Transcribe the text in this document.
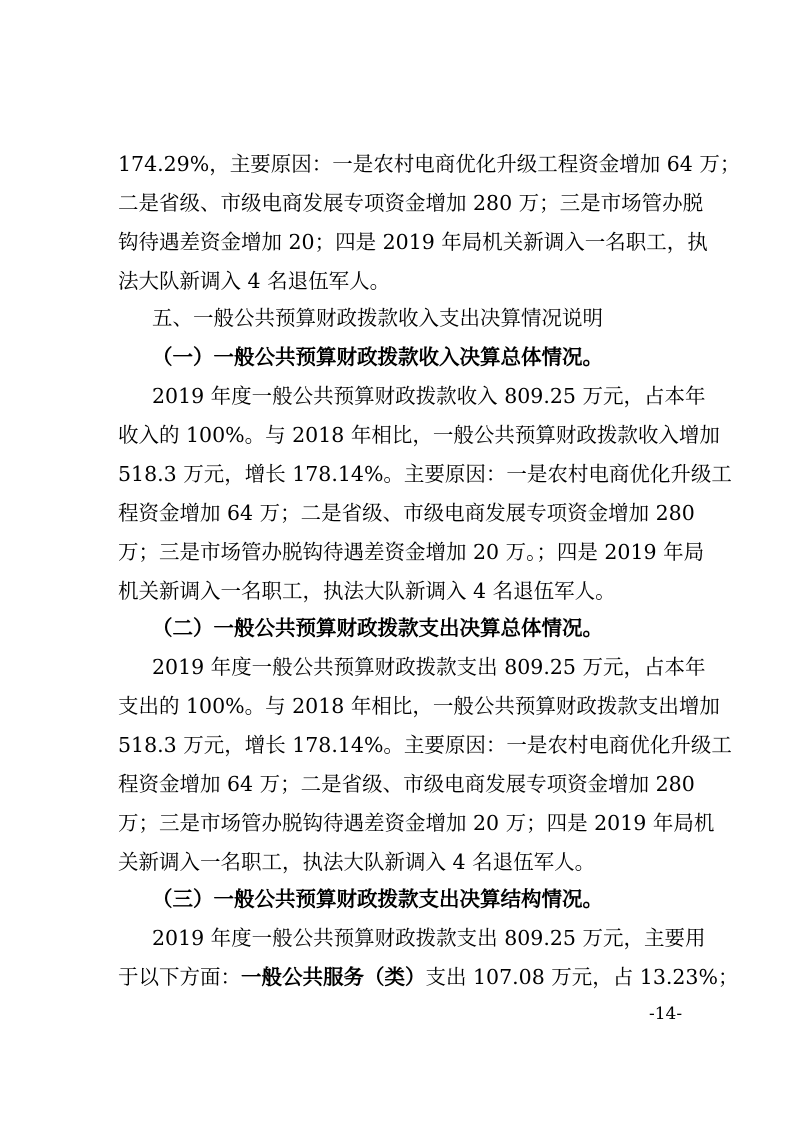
174.29%，主要原因：一是农村电商优化升级工程资金增加 64 万；
二是省级、市级电商发展专项资金增加 280 万；三是市场管办脱
钩待遇差资金增加 20；四是 2019 年局机关新调入一名职工，执
法大队新调入 4 名退伍军人。
五、一般公共预算财政拨款收入支出决算情况说明
（一）一般公共预算财政拨款收入决算总体情况。
2019 年度一般公共预算财政拨款收入 809.25 万元，占本年
收入的 100%。与 2018 年相比，一般公共预算财政拨款收入增加
518.3 万元，增长 178.14%。主要原因：一是农村电商优化升级工
程资金增加 64 万；二是省级、市级电商发展专项资金增加 280
万；三是市场管办脱钩待遇差资金增加 20 万。；四是 2019 年局
机关新调入一名职工，执法大队新调入 4 名退伍军人。
（二）一般公共预算财政拨款支出决算总体情况。
2019 年度一般公共预算财政拨款支出 809.25 万元，占本年
支出的 100%。与 2018 年相比，一般公共预算财政拨款支出增加
518.3 万元，增长 178.14%。主要原因：一是农村电商优化升级工
程资金增加 64 万；二是省级、市级电商发展专项资金增加 280
万；三是市场管办脱钩待遇差资金增加 20 万；四是 2019 年局机
关新调入一名职工，执法大队新调入 4 名退伍军人。
（三）一般公共预算财政拨款支出决算结构情况。
2019 年度一般公共预算财政拨款支出 809.25 万元，主要用
于以下方面：一般公共服务（类）支出 107.08 万元，占 13.23%；
-14-
